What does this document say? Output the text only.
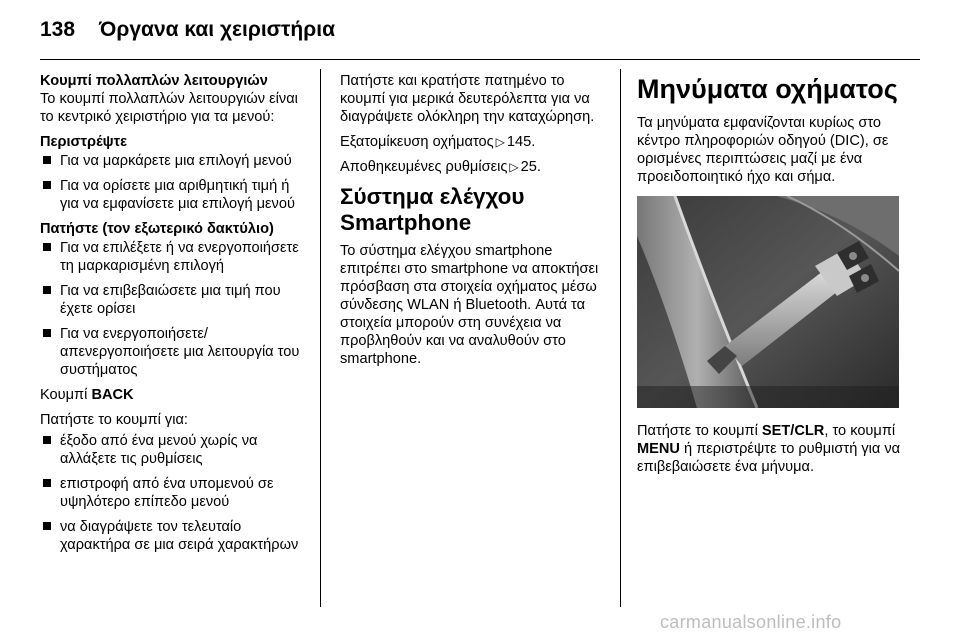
138 Όργανα και χειριστήρια

Κουμπί πολλαπλών λειτουργιών

Το κουμπί πολλαπλών λειτουργιών είναι το κεντρικό χειριστήριο για τα μενού:

Περιστρέψτε

Για να μαρκάρετε μια επιλογή μενού
Για να ορίσετε μια αριθμητική τιμή ή για να εμφανίσετε μια επιλογή μενού

Πατήστε (τον εξωτερικό δακτύλιο)

Για να επιλέξετε ή να ενεργοποιήσετε τη μαρκαρισμένη επιλογή
Για να επιβεβαιώσετε μια τιμή που έχετε ορίσει
Για να ενεργοποιήσετε/απενεργοποιήσετε μια λειτουργία του συστήματος

Κουμπί BACK

Πατήστε το κουμπί για:

έξοδο από ένα μενού χωρίς να αλλάξετε τις ρυθμίσεις
επιστροφή από ένα υπομενού σε υψηλότερο επίπεδο μενού
να διαγράψετε τον τελευταίο χαρακτήρα σε μια σειρά χαρακτήρων

Πατήστε και κρατήστε πατημένο το κουμπί για μερικά δευτερόλεπτα για να διαγράψετε ολόκληρη την καταχώρηση.

Εξατομίκευση οχήματος ▷ 145.

Αποθηκευμένες ρυθμίσεις ▷ 25.

Σύστημα ελέγχου Smartphone

Το σύστημα ελέγχου smartphone επιτρέπει στο smartphone να αποκτήσει πρόσβαση στα στοιχεία οχήματος μέσω σύνδεσης WLAN ή Bluetooth. Αυτά τα στοιχεία μπορούν στη συνέχεια να προβληθούν και να αναλυθούν στο smartphone.

Μηνύματα οχήματος

Τα μηνύματα εμφανίζονται κυρίως στο κέντρο πληροφοριών οδηγού (DIC), σε ορισμένες περιπτώσεις μαζί με ένα προειδοποιητικό ήχο και σήμα.

Πατήστε το κουμπί SET/CLR, το κουμπί MENU ή περιστρέψτε το ρυθμιστή για να επιβεβαιώσετε ένα μήνυμα.

carmanualsonline.info
